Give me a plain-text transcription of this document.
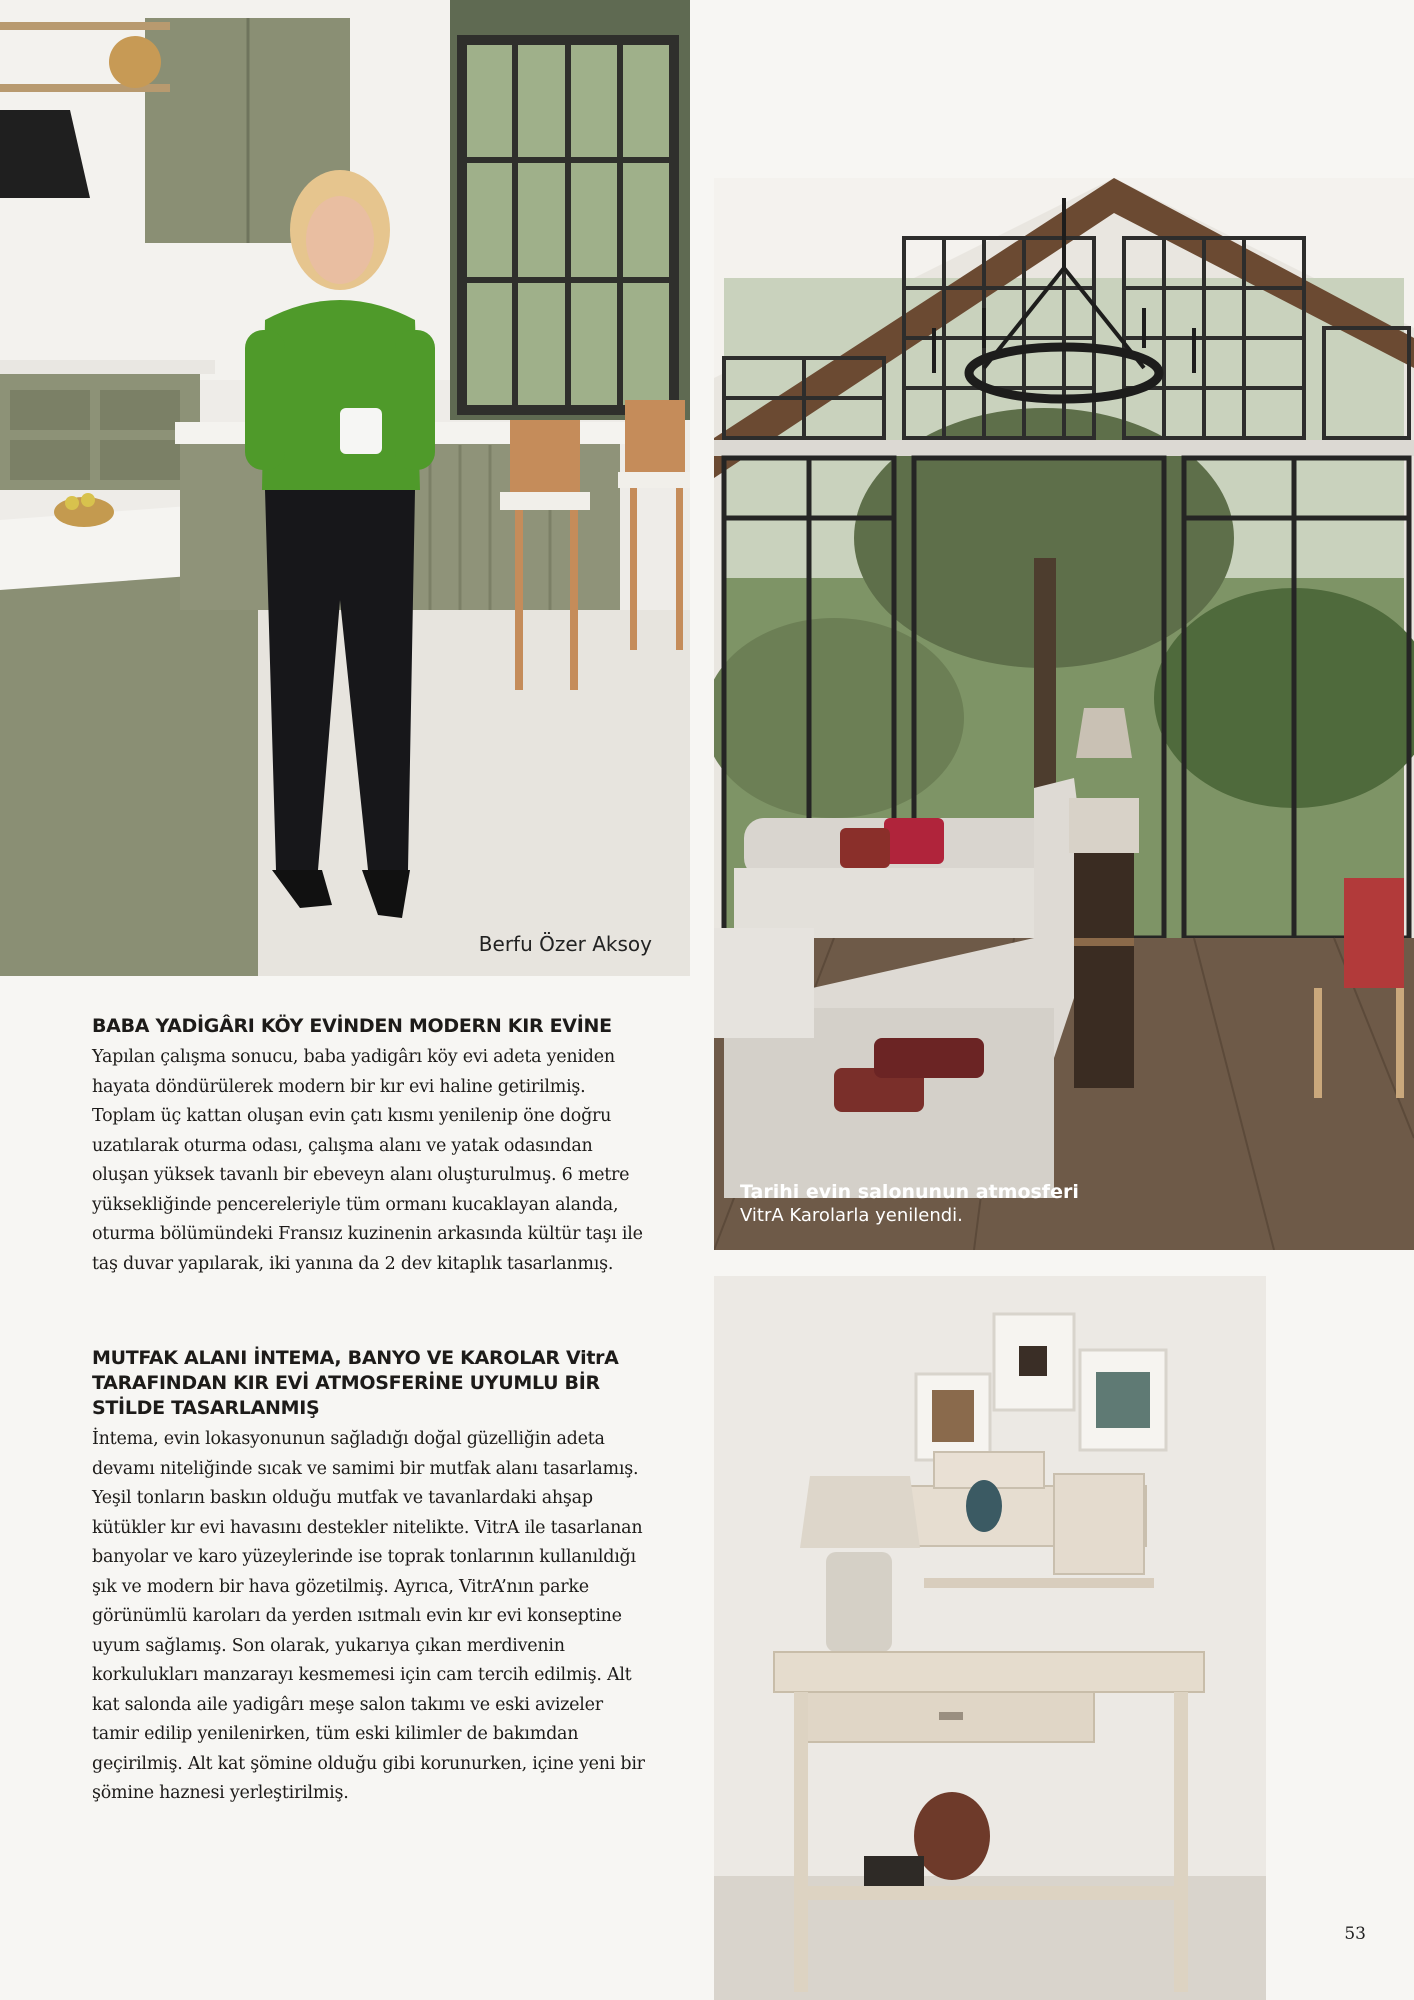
Berfu Özer Aksoy
Tarihi evin salonunun atmosferi
VitrA Karolarla yenilendi.
BABA YADİGÂRI KÖY EVİNDEN MODERN KIR EVİNE

Yapılan çalışma sonucu, baba yadigârı köy evi adeta yeniden hayata döndürülerek modern bir kır evi haline getirilmiş. Toplam üç kattan oluşan evin çatı kısmı yenilenip öne doğru uzatılarak oturma odası, çalışma alanı ve yatak odasından oluşan yüksek tavanlı bir ebeveyn alanı oluşturulmuş. 6 metre yüksekliğinde pencereleriyle tüm ormanı kucaklayan alanda, oturma bölümündeki Fransız kuzinenin arkasında kültür taşı ile taş duvar yapılarak, iki yanına da 2 dev kitaplık tasarlanmış.

MUTFAK ALANI İNTEMA, BANYO VE KAROLAR VitrA TARAFINDAN KIR EVİ ATMOSFERİNE UYUMLU BİR STİLDE TASARLANMIŞ

İntema, evin lokasyonunun sağladığı doğal güzelliğin adeta devamı niteliğinde sıcak ve samimi bir mutfak alanı tasarlamış. Yeşil tonların baskın olduğu mutfak ve tavanlardaki ahşap kütükler kır evi havasını destekler nitelikte. VitrA ile tasarlanan banyolar ve karo yüzeylerinde ise toprak tonlarının kullanıldığı şık ve modern bir hava gözetilmiş. Ayrıca, VitrA’nın parke görünümlü karoları da yerden ısıtmalı evin kır evi konseptine uyum sağlamış. Son olarak, yukarıya çıkan merdivenin korkulukları manzarayı kesmemesi için cam tercih edilmiş. Alt kat salonda aile yadigârı meşe salon takımı ve eski avizeler tamir edilip yenilenirken, tüm eski kilimler de bakımdan geçirilmiş. Alt kat şömine olduğu gibi korunurken, içine yeni bir şömine haznesi yerleştirilmiş.

53
